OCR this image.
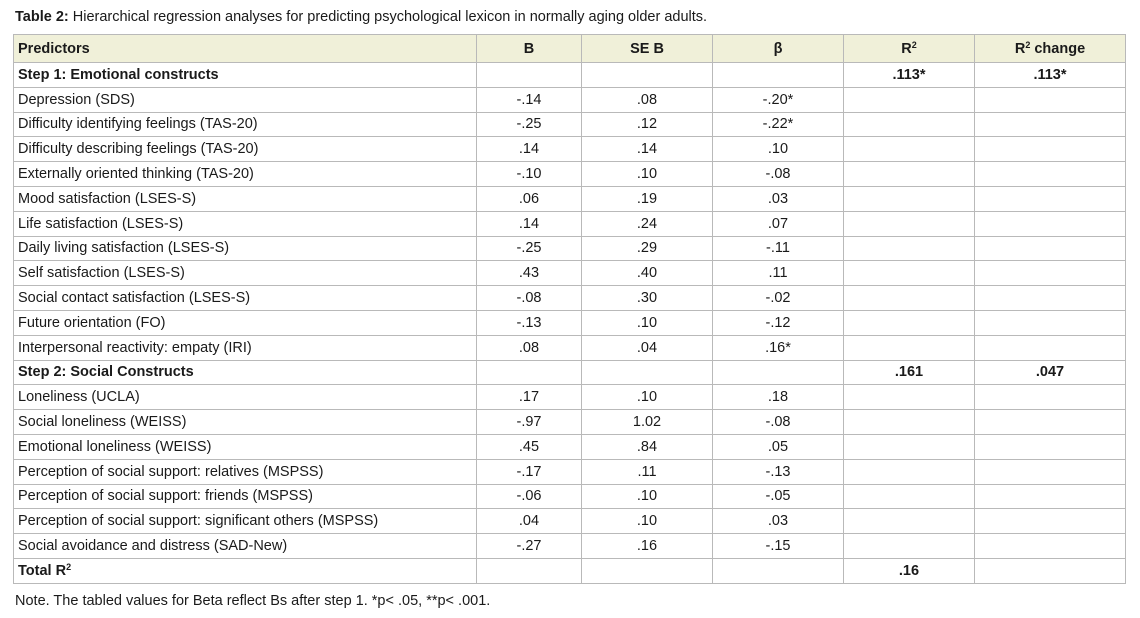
Table 2: Hierarchical regression analyses for predicting psychological lexicon in normally aging older adults.
Predictors	B	SE B	β	$R^2$	$R^2$ change
Step 1: Emotional constructs				.113*	.113*
Depression (SDS)	-.14	.08	-.20*		
Difficulty identifying feelings (TAS-20)	-.25	.12	-.22*		
Difficulty describing feelings (TAS-20)	.14	.14	.10		
Externally oriented thinking (TAS-20)	-.10	.10	-.08		
Mood satisfaction (LSES-S)	.06	.19	.03		
Life satisfaction (LSES-S)	.14	.24	.07		
Daily living satisfaction (LSES-S)	-.25	.29	-.11		
Self satisfaction (LSES-S)	.43	.40	.11		
Social contact satisfaction (LSES-S)	-.08	.30	-.02		
Future orientation (FO)	-.13	.10	-.12		
Interpersonal reactivity: empaty (IRI)	.08	.04	.16*		
Step 2: Social Constructs				.161	.047
Loneliness (UCLA)	.17	.10	.18		
Social loneliness (WEISS)	-.97	1.02	-.08		
Emotional loneliness (WEISS)	.45	.84	.05		
Perception of social support: relatives (MSPSS)	-.17	.11	-.13		
Perception of social support: friends (MSPSS)	-.06	.10	-.05		
Perception of social support: significant others (MSPSS)	.04	.10	.03		
Social avoidance and distress (SAD-New)	-.27	.16	-.15		
Total $R^2$				.16	
Note. The tabled values for Beta reflect Bs after step 1. *p< .05, **p< .001.
